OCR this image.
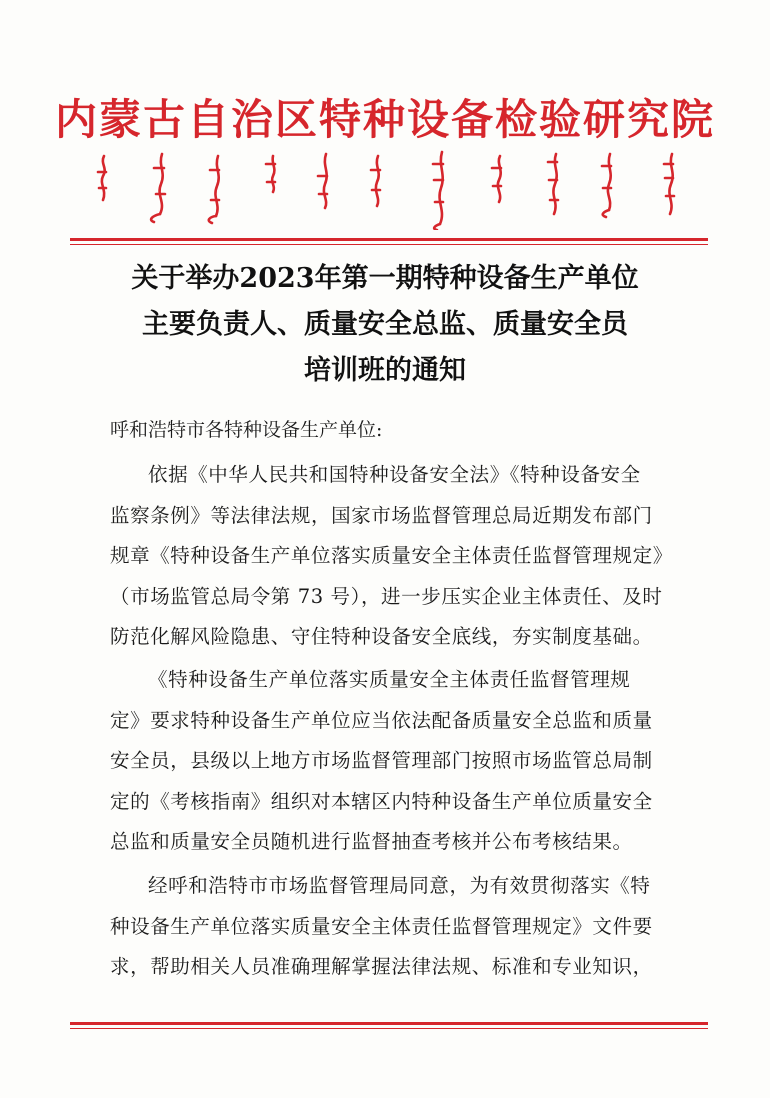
内蒙古自治区特种设备检验研究院
关于举办2023年第一期特种设备生产单位
主要负责人、质量安全总监、质量安全员
培训班的通知
呼和浩特市各特种设备生产单位:
依据《中华人民共和国特种设备安全法》《特种设备安全
监察条例》等法律法规，国家市场监督管理总局近期发布部门
规章《特种设备生产单位落实质量安全主体责任监督管理规定》
（市场监管总局令第 73 号），进一步压实企业主体责任、及时
防范化解风险隐患、守住特种设备安全底线，夯实制度基础。
《特种设备生产单位落实质量安全主体责任监督管理规
定》要求特种设备生产单位应当依法配备质量安全总监和质量
安全员，县级以上地方市场监督管理部门按照市场监管总局制
定的《考核指南》组织对本辖区内特种设备生产单位质量安全
总监和质量安全员随机进行监督抽查考核并公布考核结果。
经呼和浩特市市场监督管理局同意，为有效贯彻落实《特
种设备生产单位落实质量安全主体责任监督管理规定》文件要
求，帮助相关人员准确理解掌握法律法规、标准和专业知识，
